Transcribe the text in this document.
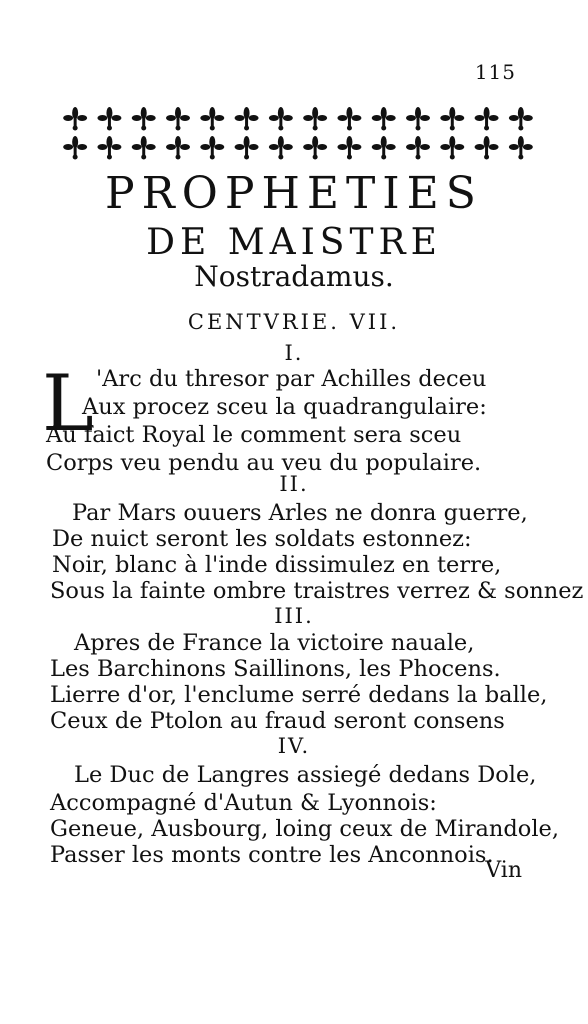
115
PROPHETIES
DE MAISTRE
Nostradamus.
CENTVRIE. VII.
I.
L 'Arc du thresor par Achilles deceu
Aux procez sceu la quadrangulaire:
Au faict Royal le comment sera sceu
Corps veu pendu au veu du populaire.
II.
Par Mars ouuers Arles ne donra guerre,
De nuict seront les soldats estonnez:
Noir, blanc à l'inde dissimulez en terre,
Sous la fainte ombre traistres verrez & sonnez
III.
Apres de France la victoire nauale,
Les Barchinons Saillinons, les Phocens.
Lierre d'or, l'enclume serré dedans la balle,
Ceux de Ptolon au fraud seront consens
IV.
Le Duc de Langres assiegé dedans Dole,
Accompagné d'Autun & Lyonnois:
Geneue, Ausbourg, loing ceux de Mirandole,
Passer les monts contre les Anconnois.
Vin
